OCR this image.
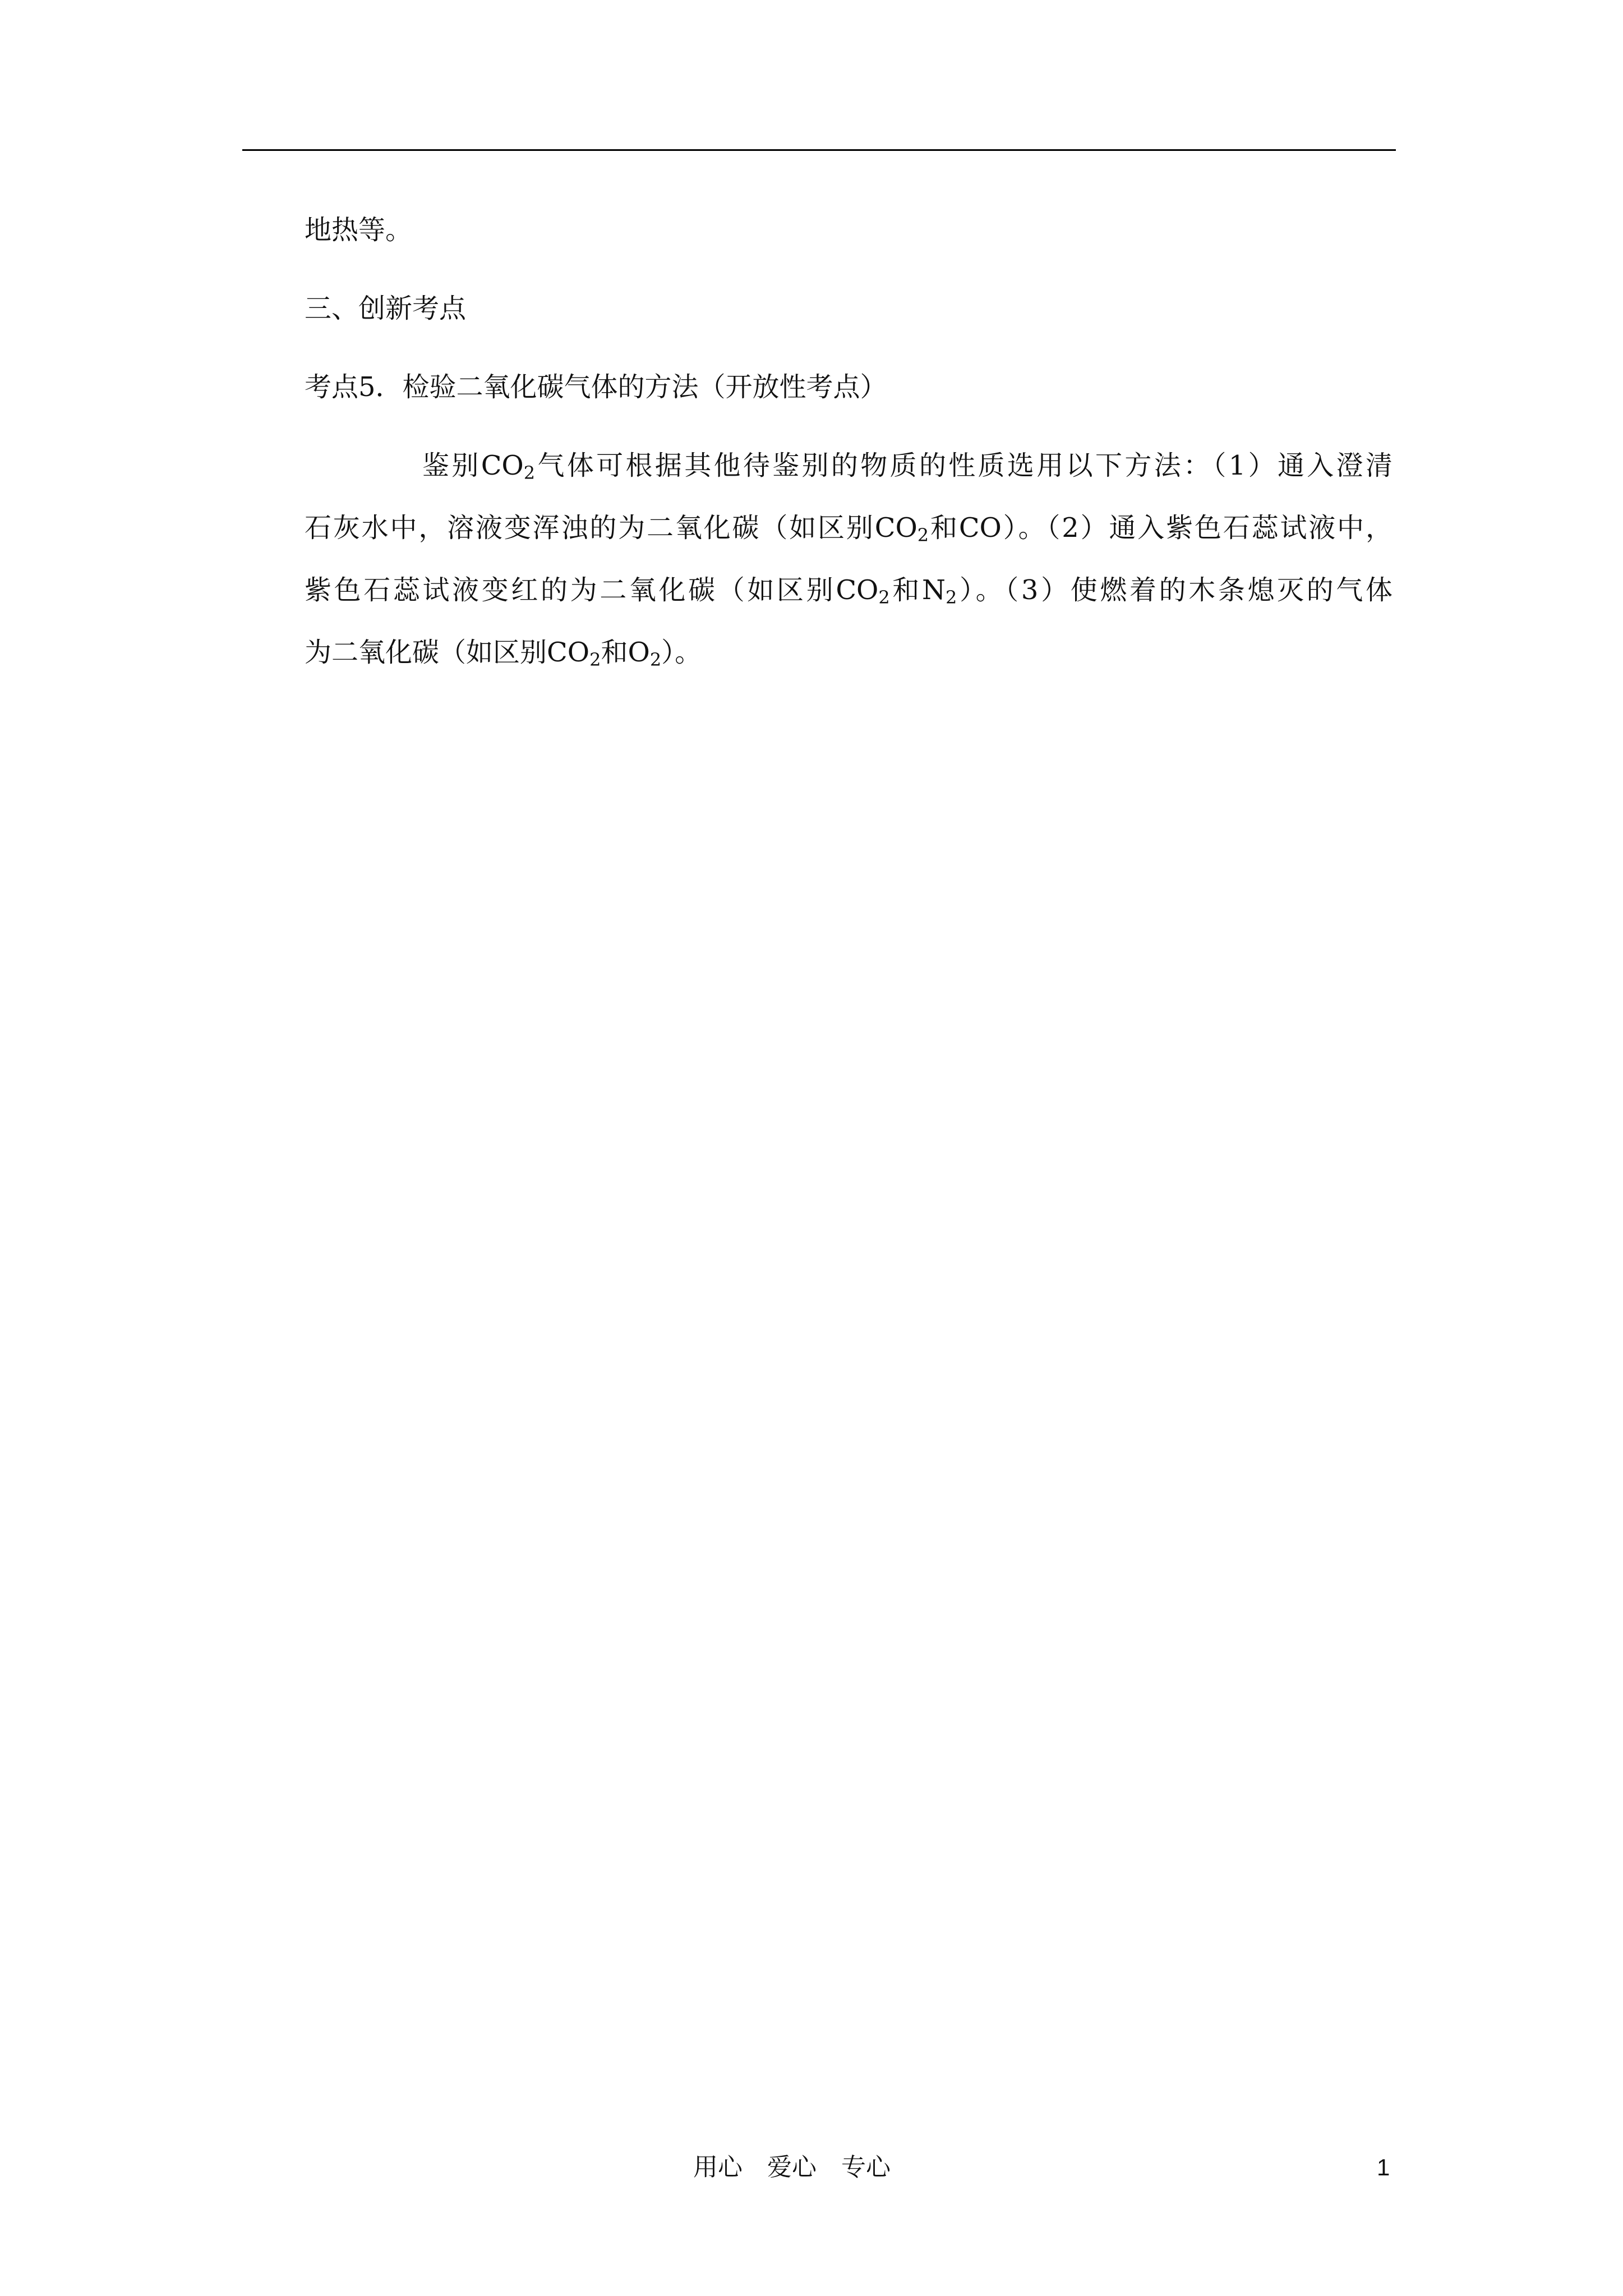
地热等。
三、创新考点
考点5．检验二氧化碳气体的方法（开放性考点）
鉴别$CO_2$气体可根据其他待鉴别的物质的性质选用以下方法：（1）通入澄清
石灰水中，溶液变浑浊的为二氧化碳（如区别$CO_2$和CO）。（2）通入紫色石蕊试液中，
紫色石蕊试液变红的为二氧化碳（如区别$CO_2$和$N_2$）。（3）使燃着的木条熄灭的气体
为二氧化碳（如区别$CO_2$和$O_2$）。
用心　爱心　专心	1
